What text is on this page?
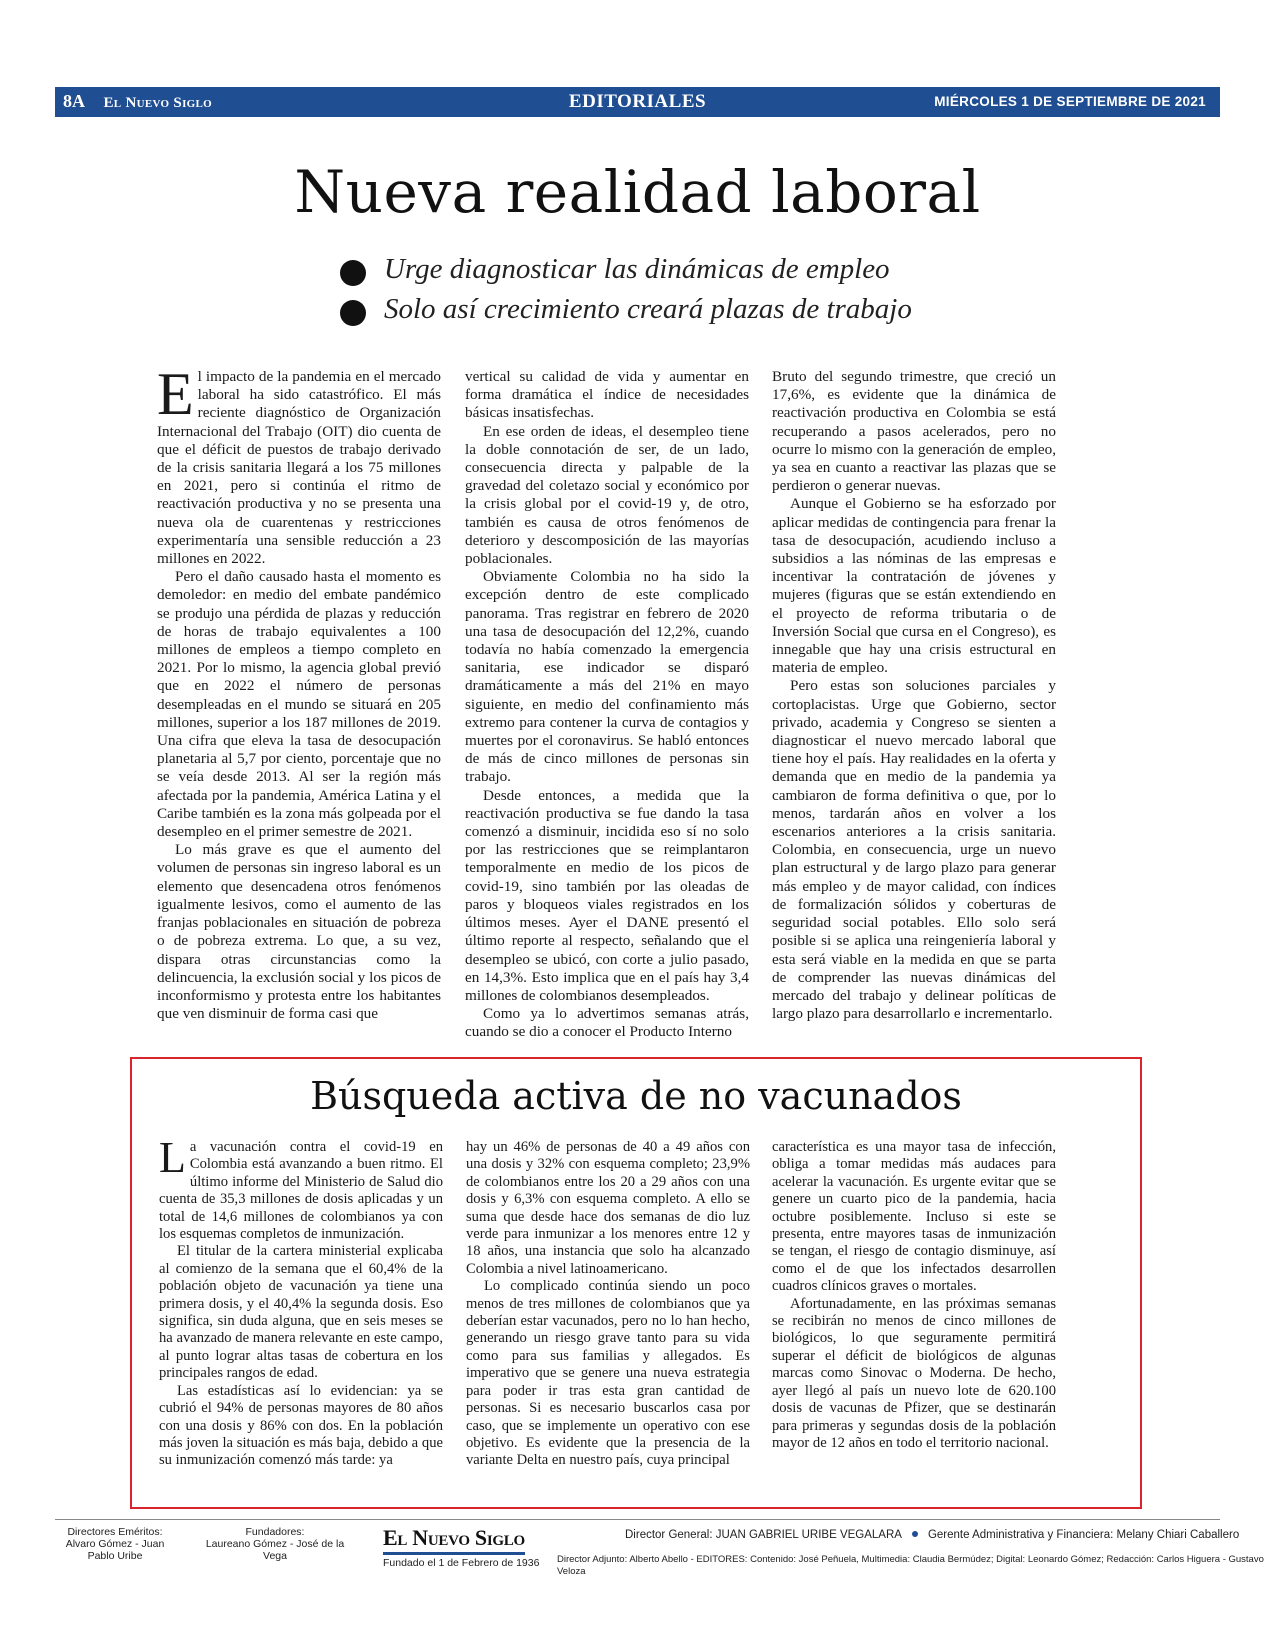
8A El Nuevo Siglo	EDITORIALES	MIÉRCOLES 1 DE SEPTIEMBRE DE 2021
Nueva realidad laboral
Urge diagnosticar las dinámicas de empleo
Solo así crecimiento creará plazas de trabajo

El impacto de la pandemia en el mercado laboral ha sido catastrófico. El más reciente diagnóstico de Organización Internacional del Trabajo (OIT) dio cuenta de que el déficit de puestos de trabajo derivado de la crisis sanitaria llegará a los 75 millones en 2021, pero si continúa el ritmo de reactivación productiva y no se presenta una nueva ola de cuarentenas y restricciones experimentaría una sensible reducción a 23 millones en 2022.

Pero el daño causado hasta el momento es demoledor: en medio del embate pandémico se produjo una pérdida de plazas y reducción de horas de trabajo equivalentes a 100 millones de empleos a tiempo completo en 2021. Por lo mismo, la agencia global previó que en 2022 el número de personas desempleadas en el mundo se situará en 205 millones, superior a los 187 millones de 2019. Una cifra que eleva la tasa de desocupación planetaria al 5,7 por ciento, porcentaje que no se veía desde 2013. Al ser la región más afectada por la pandemia, América Latina y el Caribe también es la zona más golpeada por el desempleo en el primer semestre de 2021.

Lo más grave es que el aumento del volumen de personas sin ingreso laboral es un elemento que desencadena otros fenómenos igualmente lesivos, como el aumento de las franjas poblacionales en situación de pobreza o de pobreza extrema. Lo que, a su vez, dispara otras circunstancias como la delincuencia, la exclusión social y los picos de inconformismo y protesta entre los habitantes que ven disminuir de forma casi que

vertical su calidad de vida y aumentar en forma dramática el índice de necesidades básicas insatisfechas.

En ese orden de ideas, el desempleo tiene la doble connotación de ser, de un lado, consecuencia directa y palpable de la gravedad del coletazo social y económico por la crisis global por el covid-19 y, de otro, también es causa de otros fenómenos de deterioro y descomposición de las mayorías poblacionales.

Obviamente Colombia no ha sido la excepción dentro de este complicado panorama. Tras registrar en febrero de 2020 una tasa de desocupación del 12,2%, cuando todavía no había comenzado la emergencia sanitaria, ese indicador se disparó dramáticamente a más del 21% en mayo siguiente, en medio del confinamiento más extremo para contener la curva de contagios y muertes por el coronavirus. Se habló entonces de más de cinco millones de personas sin trabajo.

Desde entonces, a medida que la reactivación productiva se fue dando la tasa comenzó a disminuir, incidida eso sí no solo por las restricciones que se reimplantaron temporalmente en medio de los picos de covid-19, sino también por las oleadas de paros y bloqueos viales registrados en los últimos meses. Ayer el DANE presentó el último reporte al respecto, señalando que el desempleo se ubicó, con corte a julio pasado, en 14,3%. Esto implica que en el país hay 3,4 millones de colombianos desempleados.

Como ya lo advertimos semanas atrás, cuando se dio a conocer el Producto Interno

Bruto del segundo trimestre, que creció un 17,6%, es evidente que la dinámica de reactivación productiva en Colombia se está recuperando a pasos acelerados, pero no ocurre lo mismo con la generación de empleo, ya sea en cuanto a reactivar las plazas que se perdieron o generar nuevas.

Aunque el Gobierno se ha esforzado por aplicar medidas de contingencia para frenar la tasa de desocupación, acudiendo incluso a subsidios a las nóminas de las empresas e incentivar la contratación de jóvenes y mujeres (figuras que se están extendiendo en el proyecto de reforma tributaria o de Inversión Social que cursa en el Congreso), es innegable que hay una crisis estructural en materia de empleo.

Pero estas son soluciones parciales y cortoplacistas. Urge que Gobierno, sector privado, academia y Congreso se sienten a diagnosticar el nuevo mercado laboral que tiene hoy el país. Hay realidades en la oferta y demanda que en medio de la pandemia ya cambiaron de forma definitiva o que, por lo menos, tardarán años en volver a los escenarios anteriores a la crisis sanitaria. Colombia, en consecuencia, urge un nuevo plan estructural y de largo plazo para generar más empleo y de mayor calidad, con índices de formalización sólidos y coberturas de seguridad social potables. Ello solo será posible si se aplica una reingeniería laboral y esta será viable en la medida en que se parta de comprender las nuevas dinámicas del mercado del trabajo y delinear políticas de largo plazo para desarrollarlo e incrementarlo.

Búsqueda activa de no vacunados

La vacunación contra el covid-19 en Colombia está avanzando a buen ritmo. El último informe del Ministerio de Salud dio cuenta de 35,3 millones de dosis aplicadas y un total de 14,6 millones de colombianos ya con los esquemas completos de inmunización.

El titular de la cartera ministerial explicaba al comienzo de la semana que el 60,4% de la población objeto de vacunación ya tiene una primera dosis, y el 40,4% la segunda dosis. Eso significa, sin duda alguna, que en seis meses se ha avanzado de manera relevante en este campo, al punto lograr altas tasas de cobertura en los principales rangos de edad.

Las estadísticas así lo evidencian: ya se cubrió el 94% de personas mayores de 80 años con una dosis y 86% con dos. En la población más joven la situación es más baja, debido a que su inmunización comenzó más tarde: ya

hay un 46% de personas de 40 a 49 años con una dosis y 32% con esquema completo; 23,9% de colombianos entre los 20 a 29 años con una dosis y 6,3% con esquema completo. A ello se suma que desde hace dos semanas de dio luz verde para inmunizar a los menores entre 12 y 18 años, una instancia que solo ha alcanzado Colombia a nivel latinoamericano.

Lo complicado continúa siendo un poco menos de tres millones de colombianos que ya deberían estar vacunados, pero no lo han hecho, generando un riesgo grave tanto para su vida como para sus familias y allegados. Es imperativo que se genere una nueva estrategia para poder ir tras esta gran cantidad de personas. Si es necesario buscarlos casa por caso, que se implemente un operativo con ese objetivo. Es evidente que la presencia de la variante Delta en nuestro país, cuya principal

característica es una mayor tasa de infección, obliga a tomar medidas más audaces para acelerar la vacunación. Es urgente evitar que se genere un cuarto pico de la pandemia, hacia octubre posiblemente. Incluso si este se presenta, entre mayores tasas de inmunización se tengan, el riesgo de contagio disminuye, así como el de que los infectados desarrollen cuadros clínicos graves o mortales.

Afortunadamente, en las próximas semanas se recibirán no menos de cinco millones de biológicos, lo que seguramente permitirá superar el déficit de biológicos de algunas marcas como Sinovac o Moderna. De hecho, ayer llegó al país un nuevo lote de 620.100 dosis de vacunas de Pfizer, que se destinarán para primeras y segundas dosis de la población mayor de 12 años en todo el territorio nacional.

Directores Eméritos:
Alvaro Gómez - Juan Pablo Uribe
Fundadores:
Laureano Gómez - José de la Vega
El Nuevo Siglo
Fundado el 1 de Febrero de 1936
Director General: JUAN GABRIEL URIBE VEGALARA Gerente Administrativa y Financiera: Melany Chiari Caballero
Director Adjunto: Alberto Abello - EDITORES: Contenido: José Peñuela, Multimedia: Claudia Bermúdez; Digital: Leonardo Gómez; Redacción: Carlos Higuera - Gustavo Veloza
